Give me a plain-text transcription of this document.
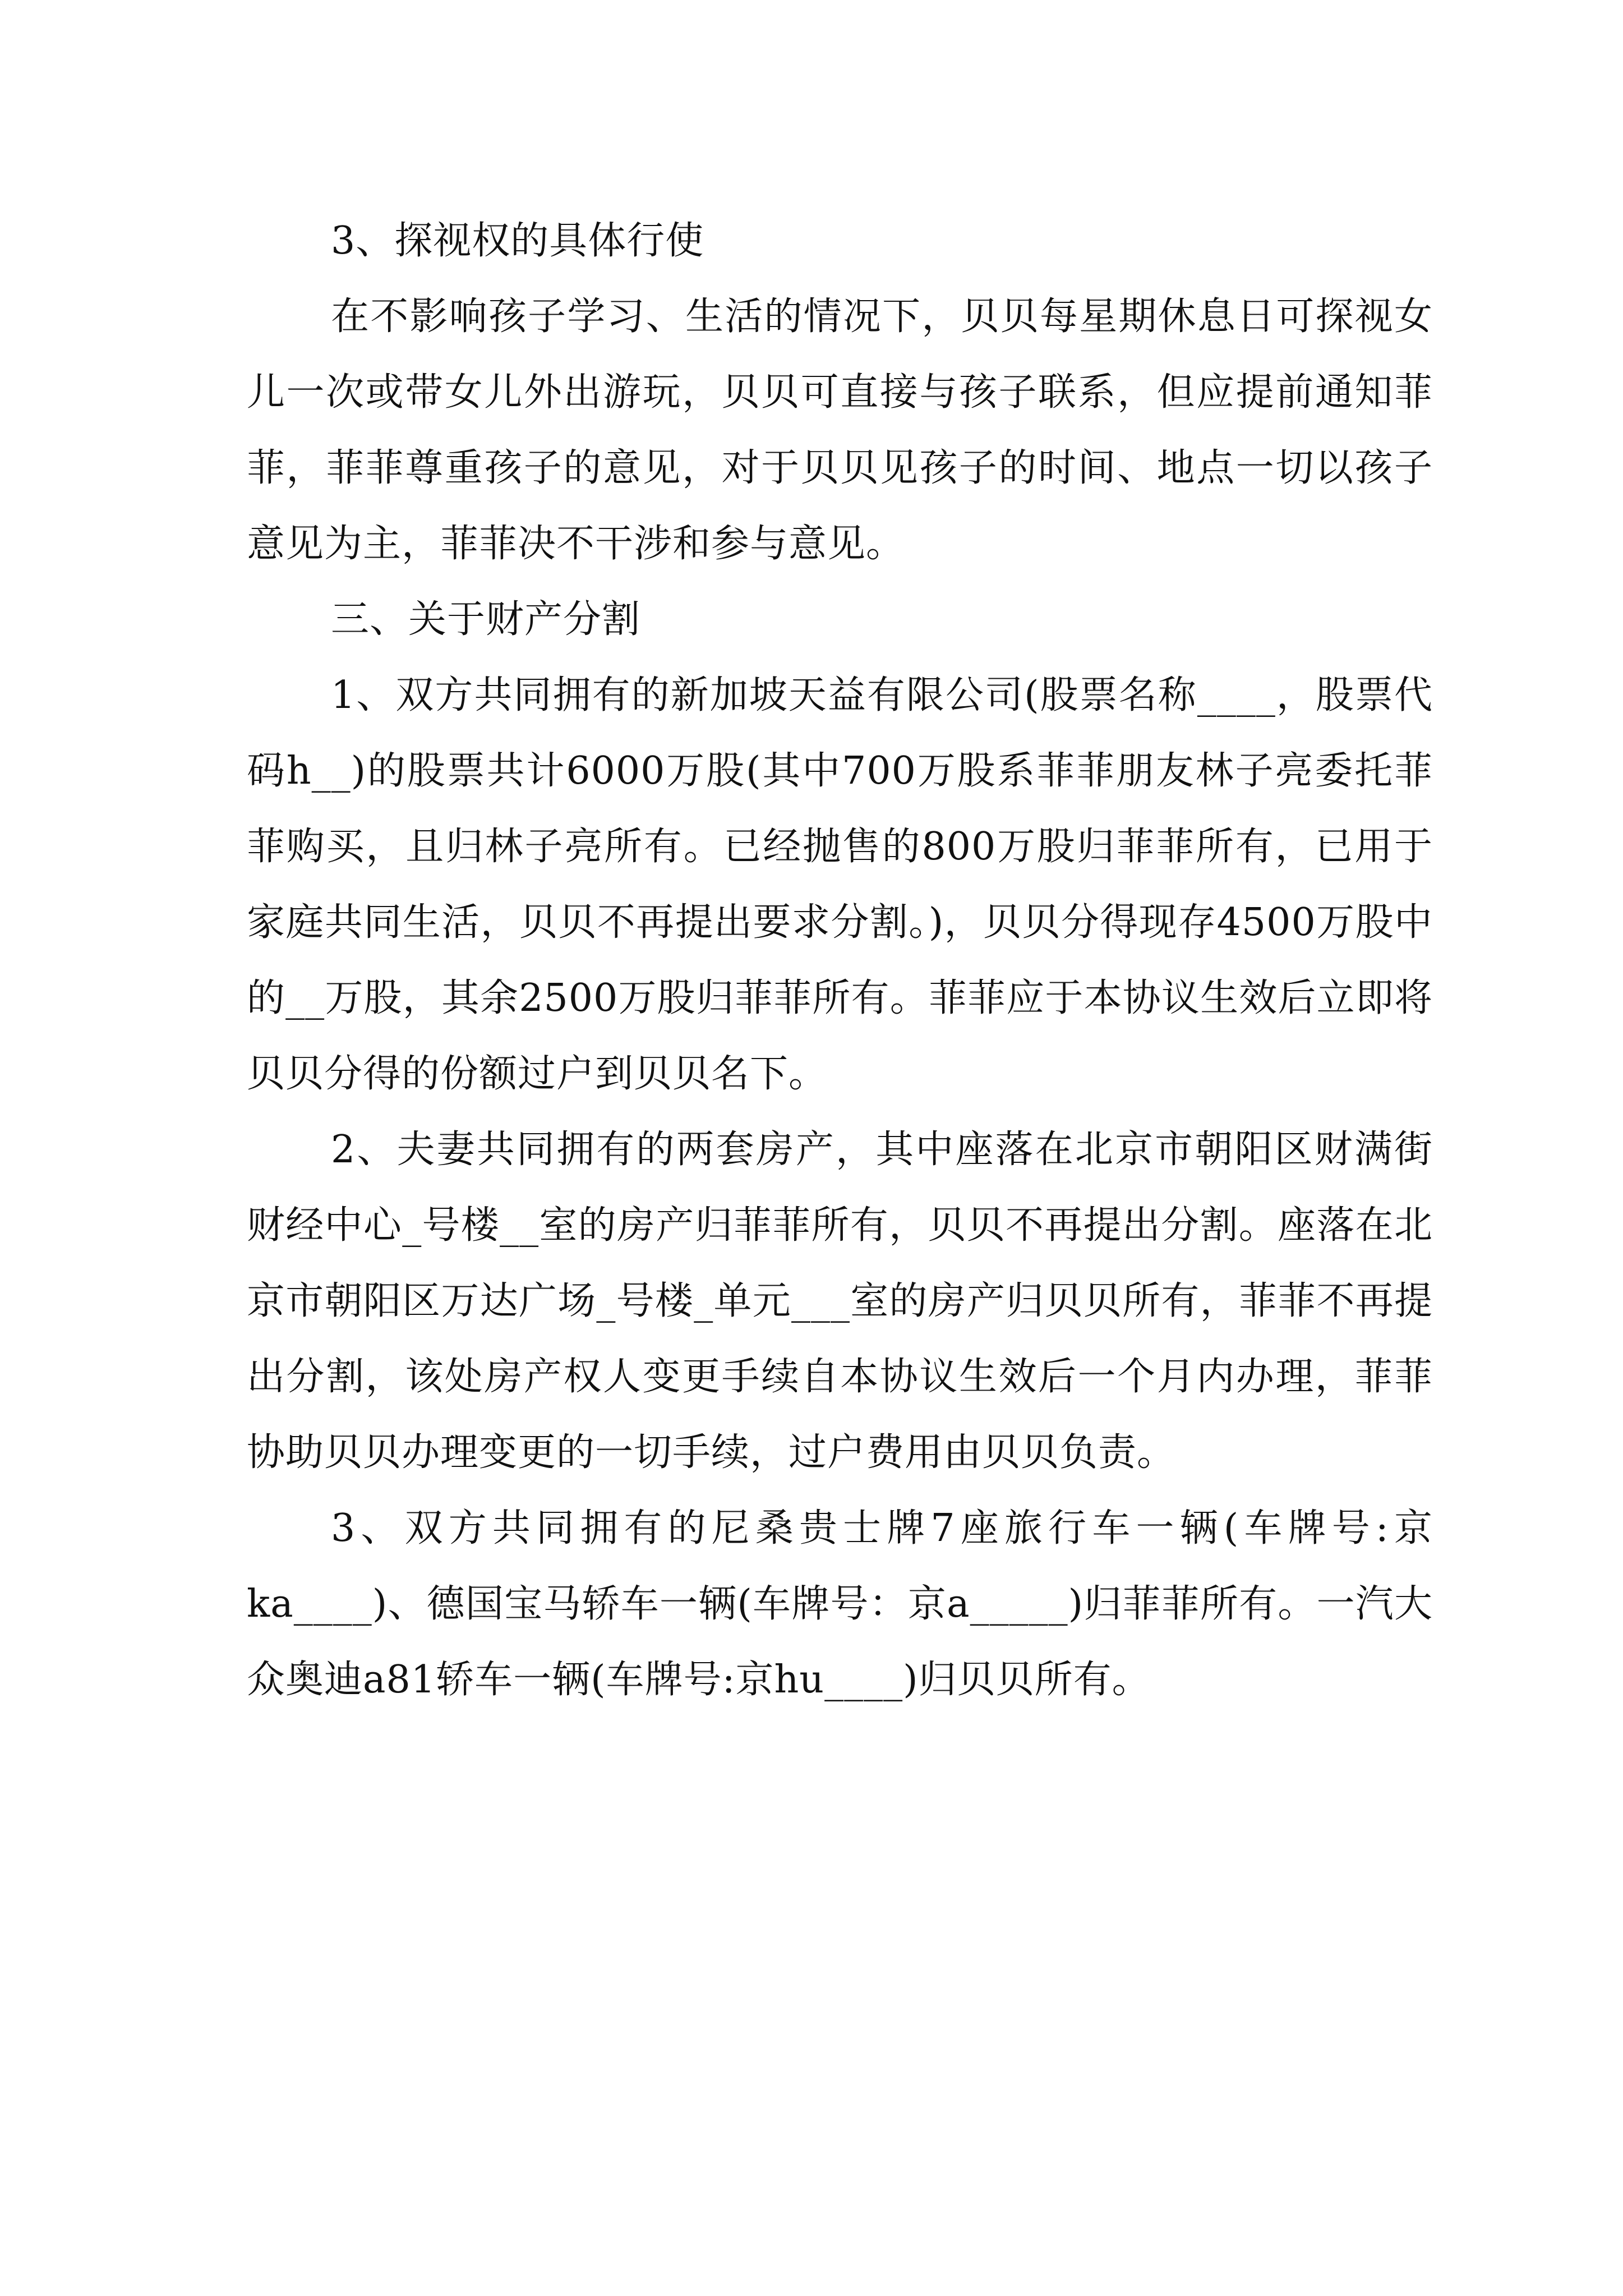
3、探视权的具体行使

在不影响孩子学习、生活的情况下，贝贝每星期休息日可探视女儿一次或带女儿外出游玩，贝贝可直接与孩子联系，但应提前通知菲菲，菲菲尊重孩子的意见，对于贝贝见孩子的时间、地点一切以孩子意见为主，菲菲决不干涉和参与意见。

三、关于财产分割

1、双方共同拥有的新加坡天益有限公司(股票名称____，股票代码h__)的股票共计6000万股(其中700万股系菲菲朋友林子亮委托菲菲购买，且归林子亮所有。已经抛售的800万股归菲菲所有，已用于家庭共同生活，贝贝不再提出要求分割。)，贝贝分得现存4500万股中的__万股，其余2500万股归菲菲所有。菲菲应于本协议生效后立即将贝贝分得的份额过户到贝贝名下。

2、夫妻共同拥有的两套房产，其中座落在北京市朝阳区财满街财经中心_号楼__室的房产归菲菲所有，贝贝不再提出分割。座落在北京市朝阳区万达广场_号楼_单元___室的房产归贝贝所有，菲菲不再提出分割，该处房产权人变更手续自本协议生效后一个月内办理，菲菲协助贝贝办理变更的一切手续，过户费用由贝贝负责。

3、双方共同拥有的尼桑贵士牌7座旅行车一辆(车牌号:京ka____)、德国宝马轿车一辆(车牌号：京a_____)归菲菲所有。一汽大众奥迪a81轿车一辆(车牌号:京hu____)归贝贝所有。
